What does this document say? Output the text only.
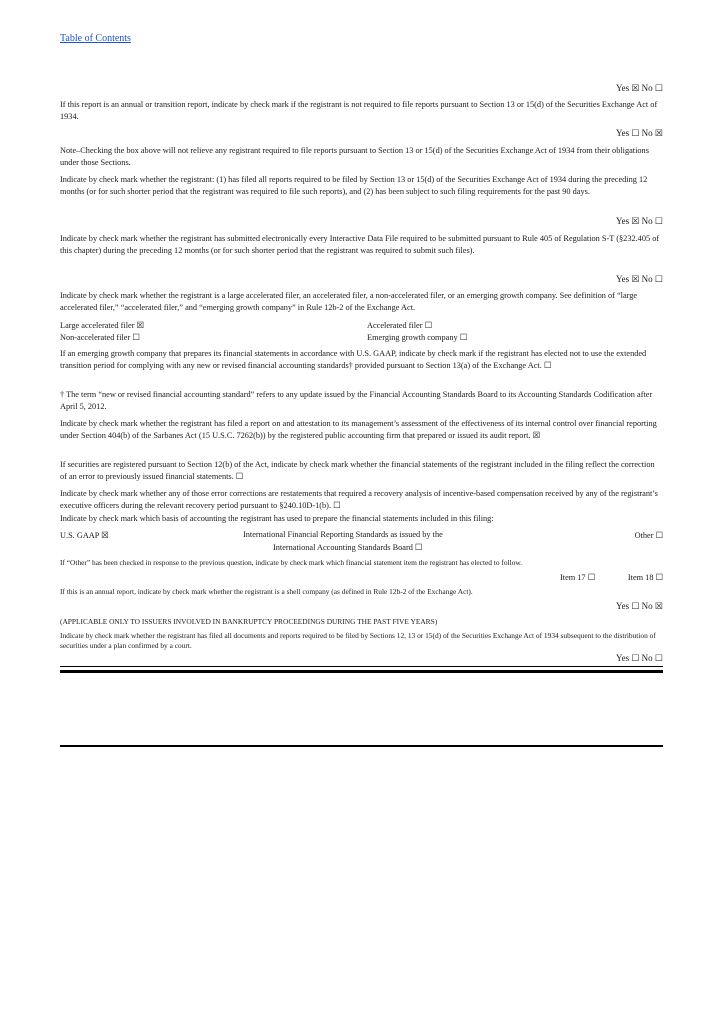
Table of Contents
Yes ☒ No ☐
If this report is an annual or transition report, indicate by check mark if the registrant is not required to file reports pursuant to Section 13 or 15(d) of the Securities Exchange Act of 1934.
Yes ☐ No ☒
Note–Checking the box above will not relieve any registrant required to file reports pursuant to Section 13 or 15(d) of the Securities Exchange Act of 1934 from their obligations under those Sections.
Indicate by check mark whether the registrant: (1) has filed all reports required to be filed by Section 13 or 15(d) of the Securities Exchange Act of 1934 during the preceding 12 months (or for such shorter period that the registrant was required to file such reports), and (2) has been subject to such filing requirements for the past 90 days.
Yes ☒ No ☐
Indicate by check mark whether the registrant has submitted electronically every Interactive Data File required to be submitted pursuant to Rule 405 of Regulation S-T (§232.405 of this chapter) during the preceding 12 months (or for such shorter period that the registrant was required to submit such files).
Yes ☒ No ☐
Indicate by check mark whether the registrant is a large accelerated filer, an accelerated filer, a non-accelerated filer, or an emerging growth company. See definition of “large accelerated filer,” “accelerated filer,” and “emerging growth company” in Rule 12b-2 of the Exchange Act.
Large accelerated filer ☒	Accelerated filer ☐
Non-accelerated filer ☐	Emerging growth company ☐
If an emerging growth company that prepares its financial statements in accordance with U.S. GAAP, indicate by check mark if the registrant has elected not to use the extended transition period for complying with any new or revised financial accounting standards† provided pursuant to Section 13(a) of the Exchange Act. ☐
† The term “new or revised financial accounting standard” refers to any update issued by the Financial Accounting Standards Board to its Accounting Standards Codification after April 5, 2012.
Indicate by check mark whether the registrant has filed a report on and attestation to its management’s assessment of the effectiveness of its internal control over financial reporting under Section 404(b) of the Sarbanes Act (15 U.S.C. 7262(b)) by the registered public accounting firm that prepared or issued its audit report. ☒
If securities are registered pursuant to Section 12(b) of the Act, indicate by check mark whether the financial statements of the registrant included in the filing reflect the correction of an error to previously issued financial statements. ☐
Indicate by check mark whether any of those error corrections are restatements that required a recovery analysis of incentive-based compensation received by any of the registrant’s executive officers during the relevant recovery period pursuant to §240.10D-1(b). ☐
Indicate by check mark which basis of accounting the registrant has used to prepare the financial statements included in this filing:
U.S. GAAP ☒	International Financial Reporting Standards as issued by the
International Accounting Standards Board ☐
Other ☐
If “Other” has been checked in response to the previous question, indicate by check mark which financial statement item the registrant has elected to follow.
Item 17 ☐	Item 18 ☐
If this is an annual report, indicate by check mark whether the registrant is a shell company (as defined in Rule 12b-2 of the Exchange Act).
Yes ☐ No ☒
(APPLICABLE ONLY TO ISSUERS INVOLVED IN BANKRUPTCY PROCEEDINGS DURING THE PAST FIVE YEARS)
Indicate by check mark whether the registrant has filed all documents and reports required to be filed by Sections 12, 13 or 15(d) of the Securities Exchange Act of 1934 subsequent to the distribution of securities under a plan confirmed by a court.
Yes ☐ No ☐
